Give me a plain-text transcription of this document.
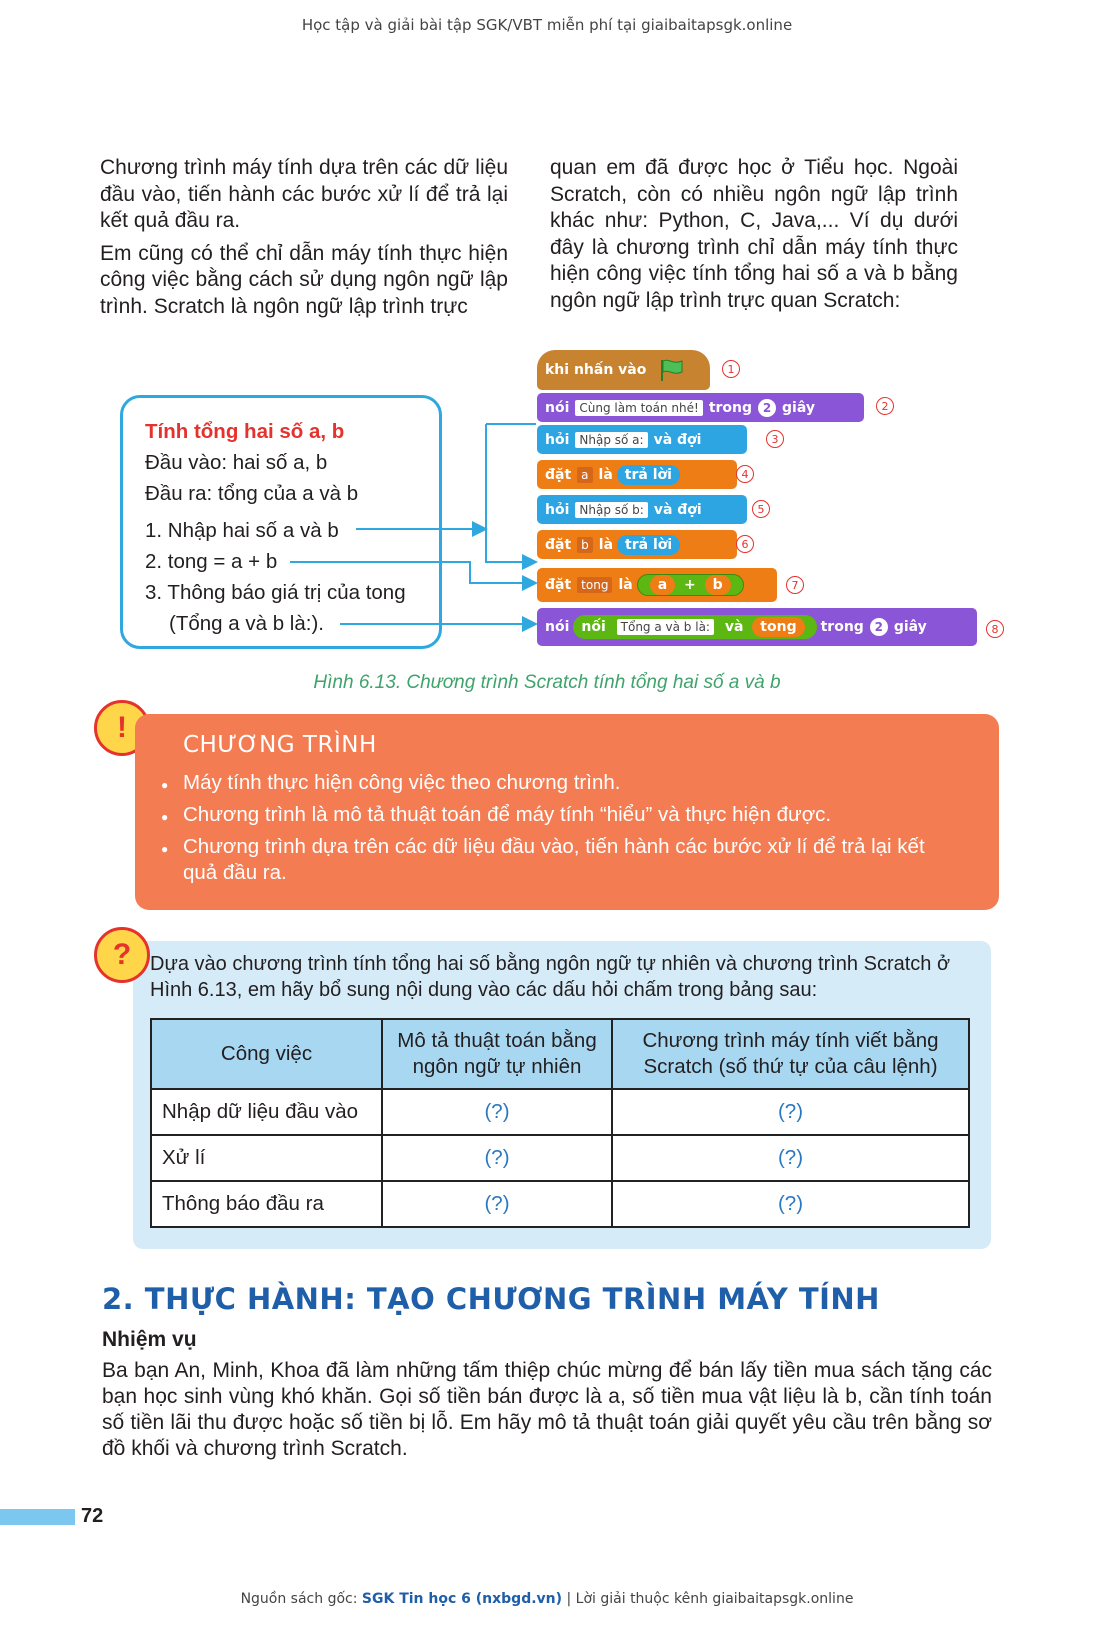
Học tập và giải bài tập SGK/VBT miễn phí tại giaibaitapsgk.online

Chương trình máy tính dựa trên các dữ liệu đầu vào, tiến hành các bước xử lí để trả lại kết quả đầu ra.

Em cũng có thể chỉ dẫn máy tính thực hiện công việc bằng cách sử dụng ngôn ngữ lập trình. Scratch là ngôn ngữ lập trình trực

quan em đã được học ở Tiểu học. Ngoài Scratch, còn có nhiều ngôn ngữ lập trình khác như: Python, C, Java,... Ví dụ dưới đây là chương trình chỉ dẫn máy tính thực hiện công việc tính tổng hai số a và b bằng ngôn ngữ lập trình trực quan Scratch:

Tính tổng hai số a, b
Đầu vào: hai số a, b
Đầu ra: tổng của a và b
1. Nhập hai số a và b
2. tong = a + b
3. Thông báo giá trị của tong
(Tổng a và b là:).
khi nhấn vào
nói Cùng làm toán nhé! trong 2 giây
hỏi Nhập số a: và đợi
đặt a là trả lời
hỏi Nhập số b: và đợi
đặt b là trả lời
đặt tong là	a + b
nói nối Tổng a và b là: và tong	trong 2 giây
1
2
3
4
5
6
7
8
Hình 6.13. Chương trình Scratch tính tổng hai số a và b
!
CHƯƠNG TRÌNH
● Máy tính thực hiện công việc theo chương trình.
● Chương trình là mô tả thuật toán để máy tính “hiểu” và thực hiện được.
● Chương trình dựa trên các dữ liệu đầu vào, tiến hành các bước xử lí để trả lại kết quả đầu ra.
? Dựa vào chương trình tính tổng hai số bằng ngôn ngữ tự nhiên và chương trình Scratch ở Hình 6.13, em hãy bổ sung nội dung vào các dấu hỏi chấm trong bảng sau:
Công việc	Mô tả thuật toán bằng ngôn ngữ tự nhiên	Chương trình máy tính viết bằng Scratch (số thứ tự của câu lệnh)
Nhập dữ liệu đầu vào	(?)	(?)
Xử lí	(?)	(?)
Thông báo đầu ra	(?)	(?)
2. THỰC HÀNH: TẠO CHƯƠNG TRÌNH MÁY TÍNH
Nhiệm vụ
Ba bạn An, Minh, Khoa đã làm những tấm thiệp chúc mừng để bán lấy tiền mua sách tặng các bạn học sinh vùng khó khăn. Gọi số tiền bán được là a, số tiền mua vật liệu là b, cần tính toán số tiền lãi thu được hoặc số tiền bị lỗ. Em hãy mô tả thuật toán giải quyết yêu cầu trên bằng sơ đồ khối và chương trình Scratch.
72
Nguồn sách gốc: SGK Tin học 6 (nxbgd.vn) | Lời giải thuộc kênh giaibaitapsgk.online
